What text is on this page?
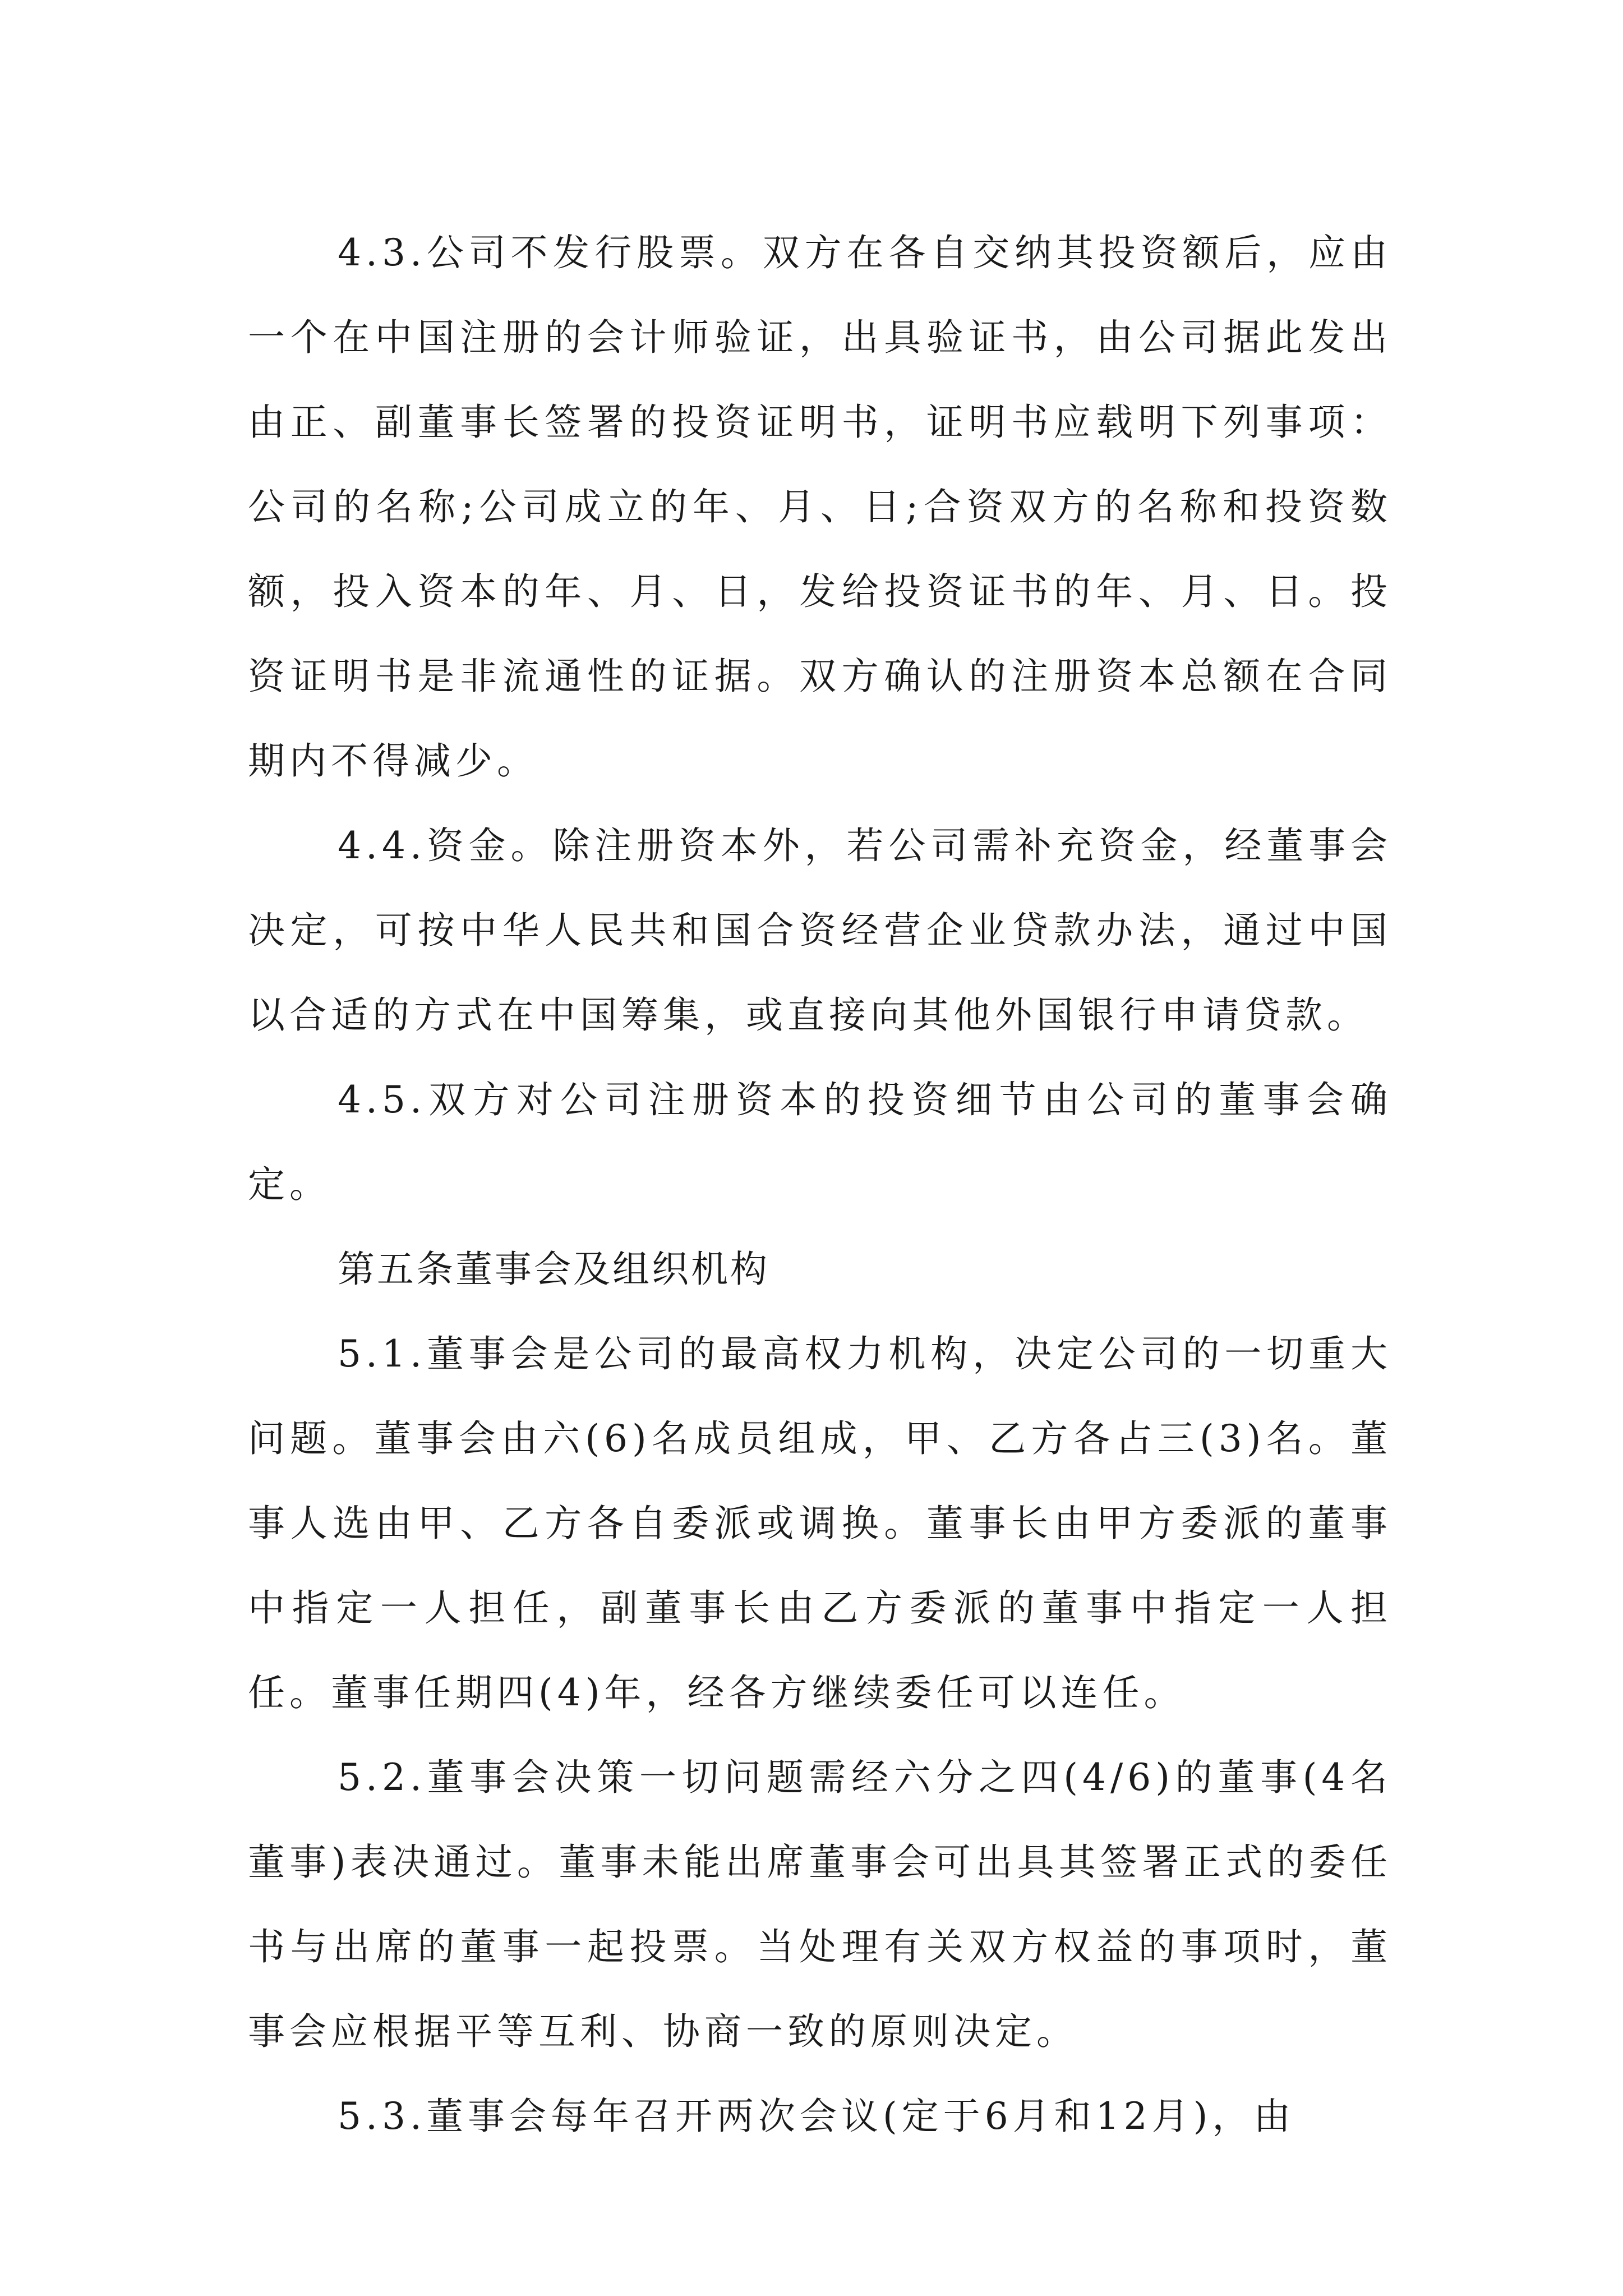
4.3.公司不发行股票。双方在各自交纳其投资额后，应由一个在中国注册的会计师验证，出具验证书，由公司据此发出由正、副董事长签署的投资证明书，证明书应载明下列事项：公司的名称;公司成立的年、月、日;合资双方的名称和投资数额，投入资本的年、月、日，发给投资证书的年、月、日。投资证明书是非流通性的证据。双方确认的注册资本总额在合同期内不得减少。

4.4.资金。除注册资本外，若公司需补充资金，经董事会决定，可按中华人民共和国合资经营企业贷款办法，通过中国以合适的方式在中国筹集，或直接向其他外国银行申请贷款。

4.5.双方对公司注册资本的投资细节由公司的董事会确定。

第五条董事会及组织机构

5.1.董事会是公司的最高权力机构，决定公司的一切重大问题。董事会由六(6)名成员组成，甲、乙方各占三(3)名。董事人选由甲、乙方各自委派或调换。董事长由甲方委派的董事中指定一人担任，副董事长由乙方委派的董事中指定一人担任。董事任期四(4)年，经各方继续委任可以连任。

5.2.董事会决策一切问题需经六分之四(4/6)的董事(4名董事)表决通过。董事未能出席董事会可出具其签署正式的委任书与出席的董事一起投票。当处理有关双方权益的事项时，董事会应根据平等互利、协商一致的原则决定。

5.3.董事会每年召开两次会议(定于6月和12月)，由
